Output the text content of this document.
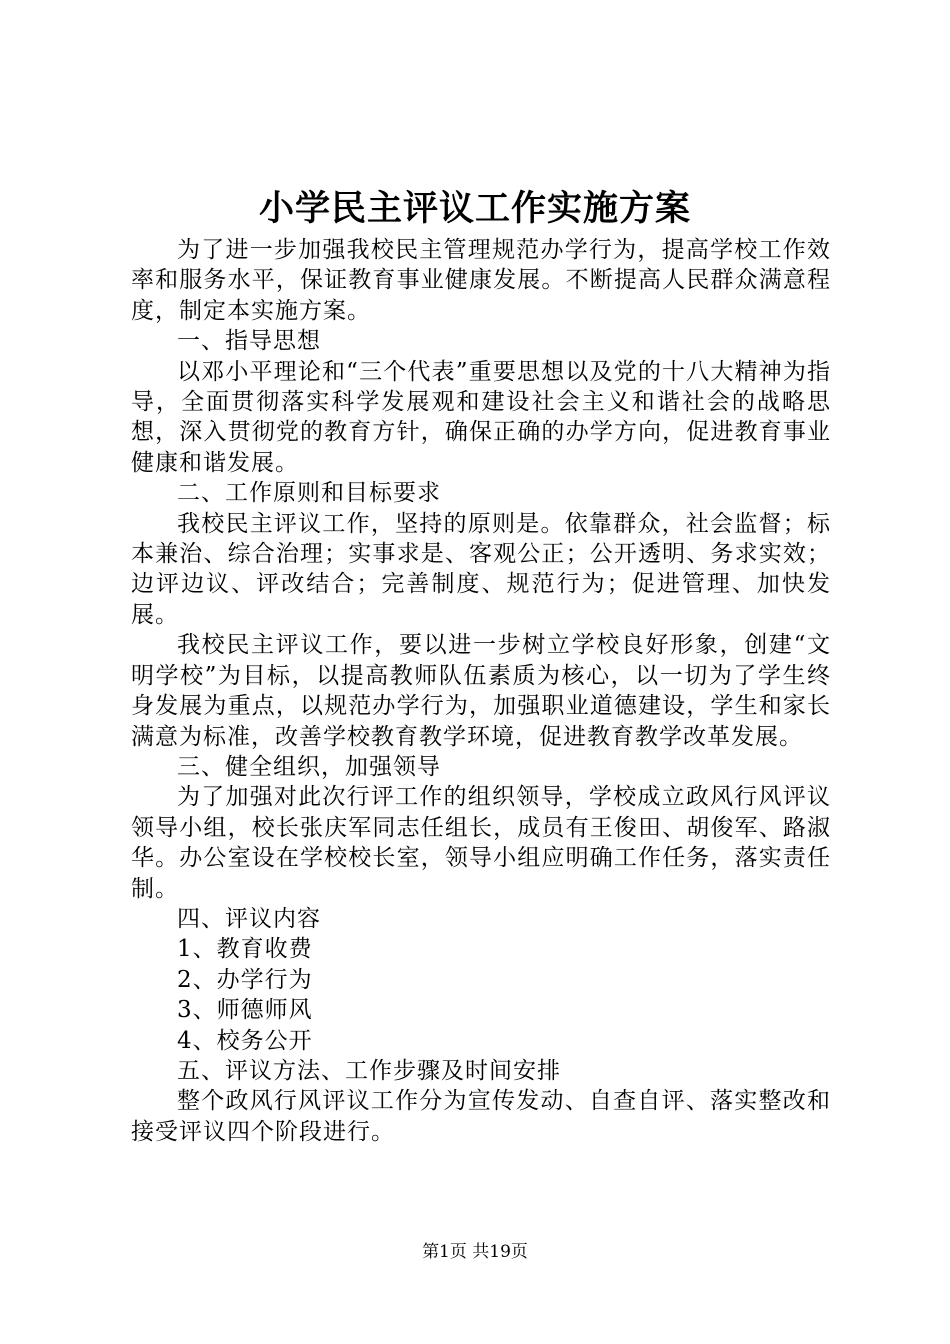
小学民主评议工作实施方案

为了进一步加强我校民主管理规范办学行为，提高学校工作效率和服务水平，保证教育事业健康发展。不断提高人民群众满意程度，制定本实施方案。

一、指导思想

以邓小平理论和“三个代表”重要思想以及党的十八大精神为指导，全面贯彻落实科学发展观和建设社会主义和谐社会的战略思想，深入贯彻党的教育方针，确保正确的办学方向，促进教育事业健康和谐发展。

二、工作原则和目标要求

我校民主评议工作，坚持的原则是。依靠群众，社会监督；标本兼治、综合治理；实事求是、客观公正；公开透明、务求实效；边评边议、评改结合；完善制度、规范行为；促进管理、加快发展。

我校民主评议工作，要以进一步树立学校良好形象，创建“文明学校”为目标，以提高教师队伍素质为核心，以一切为了学生终身发展为重点，以规范办学行为，加强职业道德建设，学生和家长满意为标准，改善学校教育教学环境，促进教育教学改革发展。

三、健全组织，加强领导

为了加强对此次行评工作的组织领导，学校成立政风行风评议领导小组，校长张庆军同志任组长，成员有王俊田、胡俊军、路淑华。办公室设在学校校长室，领导小组应明确工作任务，落实责任制。

四、评议内容

1、教育收费

2、办学行为

3、师德师风

4、校务公开

五、评议方法、工作步骤及时间安排

整个政风行风评议工作分为宣传发动、自查自评、落实整改和接受评议四个阶段进行。

第1页 共19页
